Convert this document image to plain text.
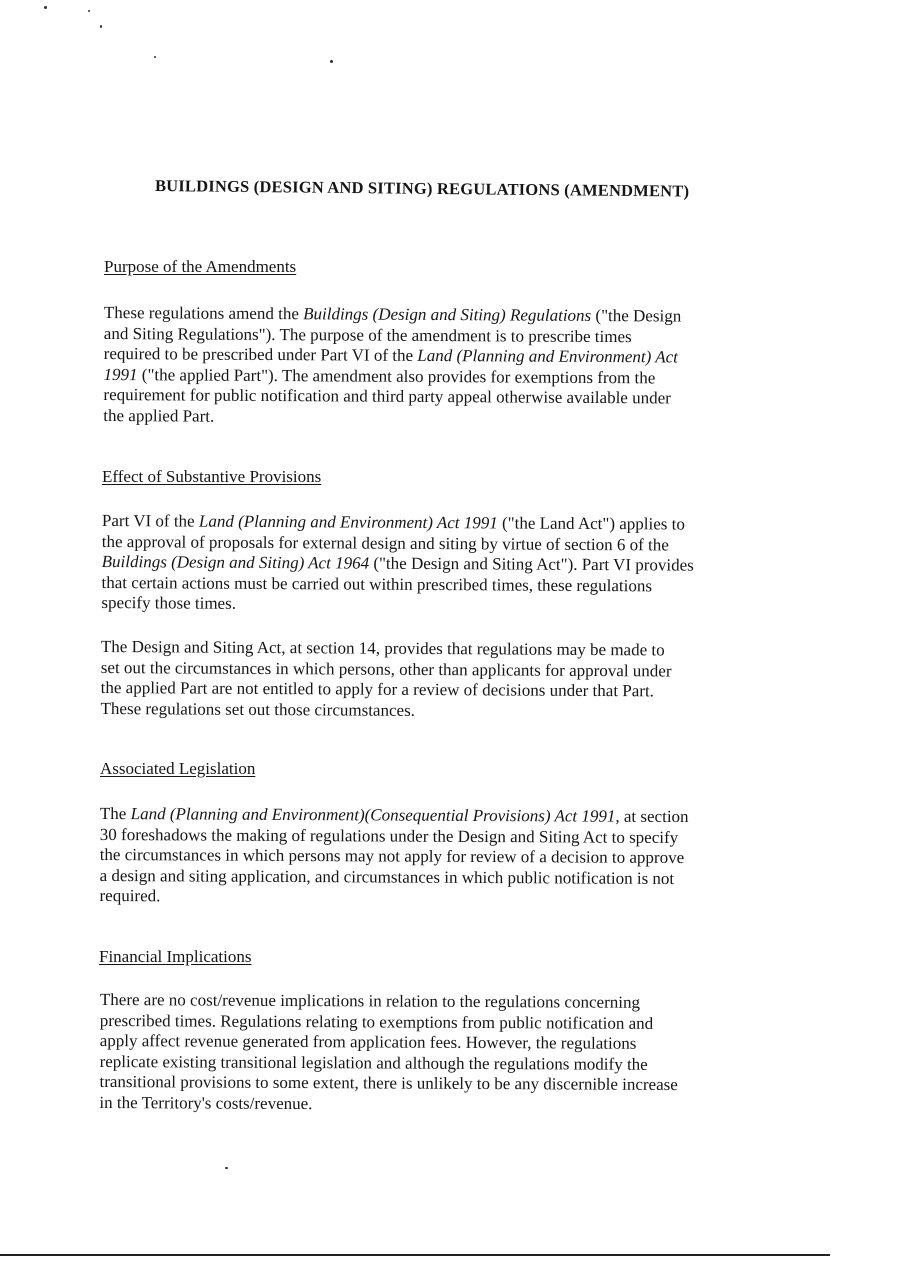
BUILDINGS (DESIGN AND SITING) REGULATIONS (AMENDMENT)
Purpose of the Amendments
These regulations amend the Buildings (Design and Siting) Regulations ("the Design
and Siting Regulations"). The purpose of the amendment is to prescribe times
required to be prescribed under Part VI of the Land (Planning and Environment) Act
1991 ("the applied Part"). The amendment also provides for exemptions from the
requirement for public notification and third party appeal otherwise available under
the applied Part.
Effect of Substantive Provisions
Part VI of the Land (Planning and Environment) Act 1991 ("the Land Act") applies to
the approval of proposals for external design and siting by virtue of section 6 of the
Buildings (Design and Siting) Act 1964 ("the Design and Siting Act"). Part VI provides
that certain actions must be carried out within prescribed times, these regulations
specify those times.
The Design and Siting Act, at section 14, provides that regulations may be made to
set out the circumstances in which persons, other than applicants for approval under
the applied Part are not entitled to apply for a review of decisions under that Part.
These regulations set out those circumstances.
Associated Legislation
The Land (Planning and Environment)(Consequential Provisions) Act 1991, at section
30 foreshadows the making of regulations under the Design and Siting Act to specify
the circumstances in which persons may not apply for review of a decision to approve
a design and siting application, and circumstances in which public notification is not
required.
Financial Implications
There are no cost/revenue implications in relation to the regulations concerning
prescribed times. Regulations relating to exemptions from public notification and
apply affect revenue generated from application fees. However, the regulations
replicate existing transitional legislation and although the regulations modify the
transitional provisions to some extent, there is unlikely to be any discernible increase
in the Territory's costs/revenue.
